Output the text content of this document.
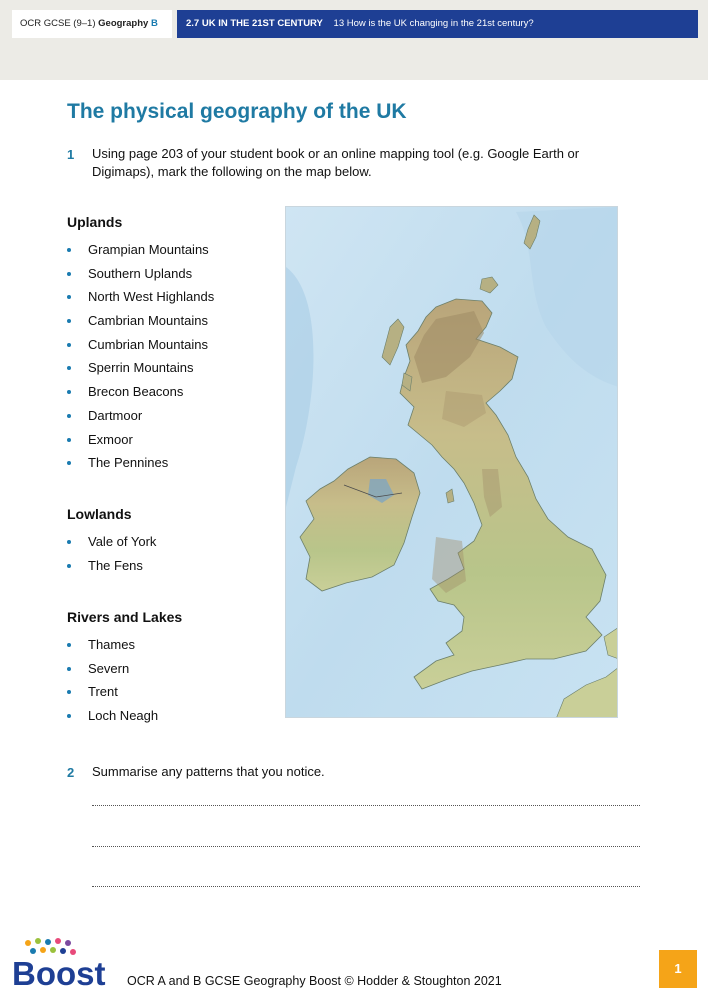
OCR GCSE (9–1) Geography B	2.7 UK IN THE 21ST CENTURY 13 How is the UK changing in the 21st century?
The physical geography of the UK
1 Using page 203 of your student book or an online mapping tool (e.g. Google Earth or
Digimaps), mark the following on the map below.
Uplands
Grampian Mountains
Southern Uplands
North West Highlands
Cambrian Mountains
Cumbrian Mountains
Sperrin Mountains
Brecon Beacons
Dartmoor
Exmoor
The Pennines
Lowlands
Vale of York
The Fens
Rivers and Lakes
Thames
Severn
Trent
Loch Neagh
2 Summarise any patterns that you notice.
Boost OCR A and B GCSE Geography Boost © Hodder & Stoughton 2021
1
